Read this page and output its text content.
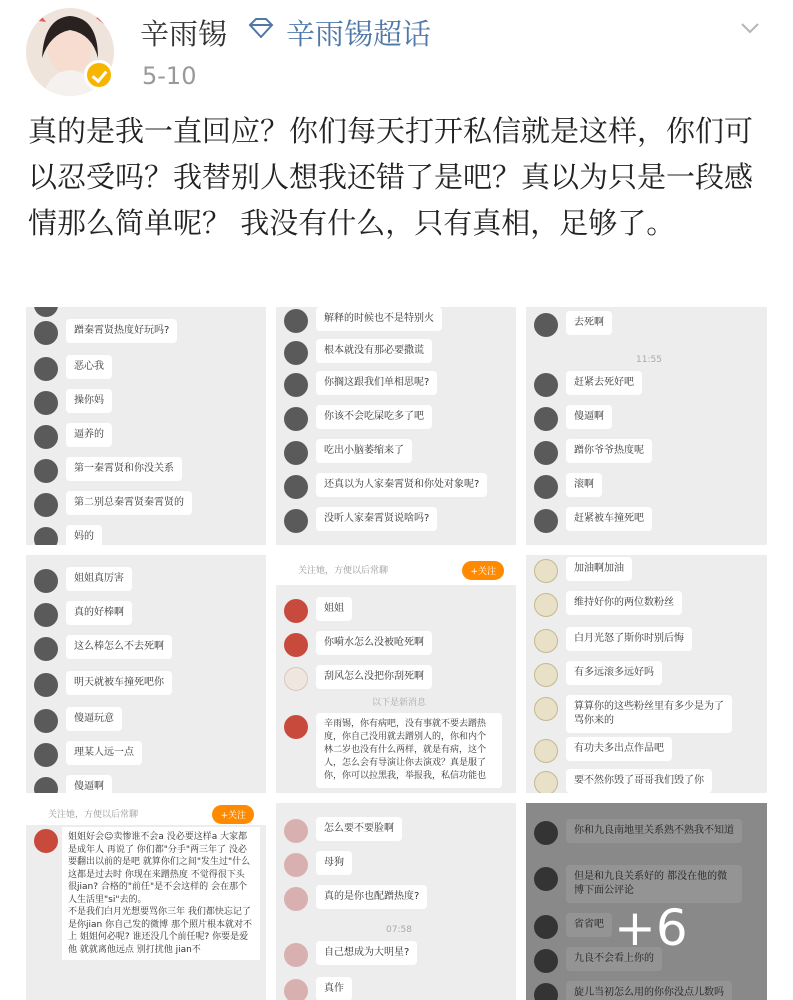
辛雨锡 辛雨锡超话
5-10

真的是我一直回应？你们每天打开私信就是这样，你们可以忍受吗？我替别人想我还错了是吧？真以为只是一段感情那么简单呢？ 我没有什么，只有真相，足够了。

蹭秦霄贤热度好玩吗?
恶心我
操你妈
逼养的
第一秦霄贤和你没关系
第二别总秦霄贤秦霄贤的
妈的
解释的时候也不是特别火
根本就没有那必要撒谎
你搁这跟我们单相思呢?
你该不会吃屎吃多了吧
吃出小脑萎缩来了
还真以为人家秦霄贤和你处对象呢?
没听人家秦霄贤说啥吗?
去死啊
11:55
赶紧去死好吧
傻逼啊
蹭你爷爷热度呢
滚啊
赶紧被车撞死吧
姐姐真厉害
真的好棒啊
这么棒怎么不去死啊
明天就被车撞死吧你
傻逼玩意
理某人远一点
傻逼啊
关注她，方便以后常聊	+关注
姐姐
你嗬水怎么没被呛死啊
刮风怎么没把你刮死啊
以下是新消息
辛雨锡，你有病吧，没有事就不要去蹭热度，你自己没用就去蹭别人的，你和内个林二岁也没有什么两样，就是有病，这个人，怎么会有导演让你去演戏？真是服了你，你可以拉黑我，举报我，私信功能也
加油啊加油
维持好你的两位数粉丝
白月光怒了斯你时别后悔
有多远滚多远好吗
算算你的这些粉丝里有多少是为了骂你来的
有功夫多出点作品吧
要不然你毁了哥哥我们毁了你
关注她，方便以后常聊	+关注
姐姐好会☺卖惨谁不会a 没必要这样a 大家都是成年人 再说了 你们都"分手"两三年了 没必要翻出以前的是吧 就算你们之间"发生过"什么 这都是过去时 你现在来蹭热度 不觉得很下头 很jian? 合格的"前任"是不会这样的 会在那个人生活里"si"去的。
不是我们白月光想要骂你三年 我们都快忘记了 是你jian 你自己发的微博 那个照片根本就对不上 姐姐何必呢? 谁还没几个前任呢? 你要是爱他 就就离他远点 别打扰他 jian不
怎么要不要脸啊
母狗
真的是你也配蹭热度?
07:58
自己想成为大明星?
真作
你和九良南地里关系熟不熟我不知道
但是和九良关系好的 都没在他的微博下面公评论
省省吧
九良不会看上你的
旋儿当初怎么用的你你没点儿数吗
+6
